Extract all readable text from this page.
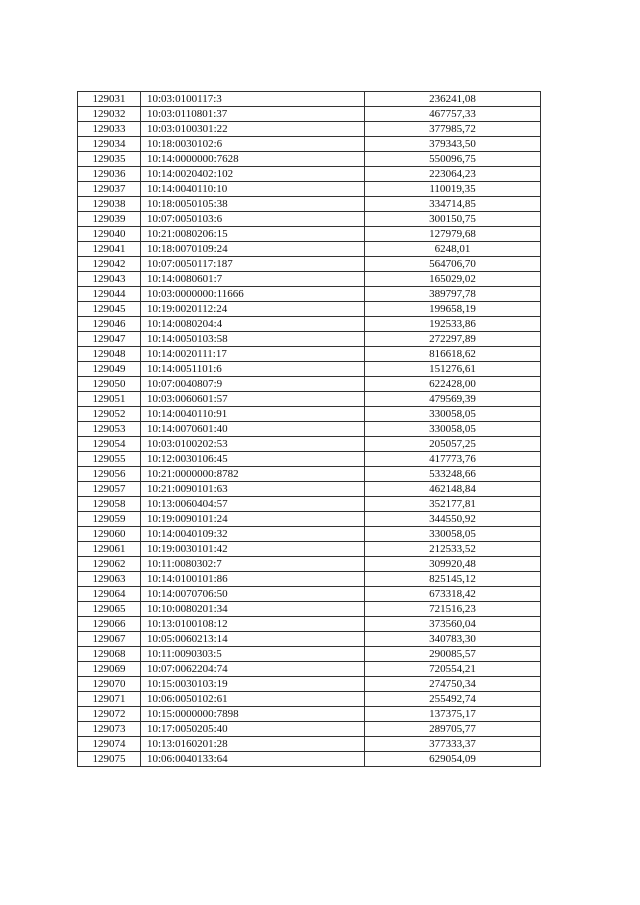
129031	10:03:0100117:3	236241,08
129032	10:03:0110801:37	467757,33
129033	10:03:0100301:22	377985,72
129034	10:18:0030102:6	379343,50
129035	10:14:0000000:7628	550096,75
129036	10:14:0020402:102	223064,23
129037	10:14:0040110:10	110019,35
129038	10:18:0050105:38	334714,85
129039	10:07:0050103:6	300150,75
129040	10:21:0080206:15	127979,68
129041	10:18:0070109:24	6248,01
129042	10:07:0050117:187	564706,70
129043	10:14:0080601:7	165029,02
129044	10:03:0000000:11666	389797,78
129045	10:19:0020112:24	199658,19
129046	10:14:0080204:4	192533,86
129047	10:14:0050103:58	272297,89
129048	10:14:0020111:17	816618,62
129049	10:14:0051101:6	151276,61
129050	10:07:0040807:9	622428,00
129051	10:03:0060601:57	479569,39
129052	10:14:0040110:91	330058,05
129053	10:14:0070601:40	330058,05
129054	10:03:0100202:53	205057,25
129055	10:12:0030106:45	417773,76
129056	10:21:0000000:8782	533248,66
129057	10:21:0090101:63	462148,84
129058	10:13:0060404:57	352177,81
129059	10:19:0090101:24	344550,92
129060	10:14:0040109:32	330058,05
129061	10:19:0030101:42	212533,52
129062	10:11:0080302:7	309920,48
129063	10:14:0100101:86	825145,12
129064	10:14:0070706:50	673318,42
129065	10:10:0080201:34	721516,23
129066	10:13:0100108:12	373560,04
129067	10:05:0060213:14	340783,30
129068	10:11:0090303:5	290085,57
129069	10:07:0062204:74	720554,21
129070	10:15:0030103:19	274750,34
129071	10:06:0050102:61	255492,74
129072	10:15:0000000:7898	137375,17
129073	10:17:0050205:40	289705,77
129074	10:13:0160201:28	377333,37
129075	10:06:0040133:64	629054,09
